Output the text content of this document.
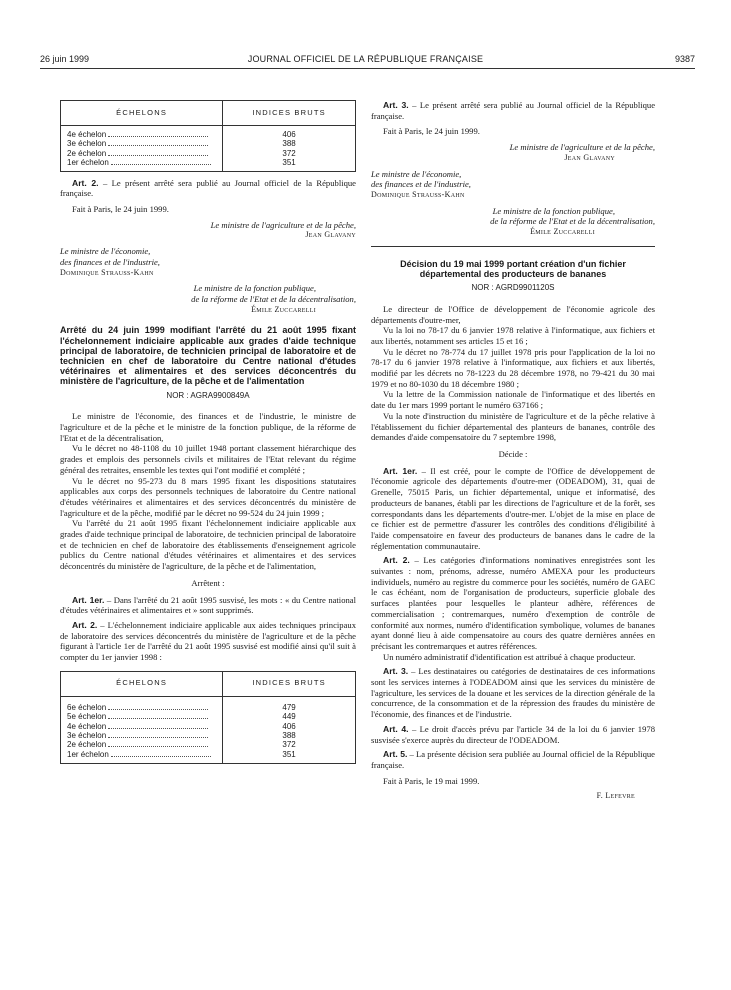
26 juin 1999	JOURNAL OFFICIEL DE LA RÉPUBLIQUE FRANÇAISE	9387
ÉCHELONS	INDICES BRUTS

4e échelon	406
3e échelon	388
2e échelon	372
1er échelon	351

Art. 2. – Le présent arrêté sera publié au Journal officiel de la République française.

Fait à Paris, le 24 juin 1999.

Le ministre de l'agriculture et de la pêche,

Jean Glavany

Le ministre de l'économie,

des finances et de l'industrie,

Dominique Strauss-Kahn

Le ministre de la fonction publique,

de la réforme de l'Etat et de la décentralisation,

Émile Zuccarelli

Arrêté du 24 juin 1999 modifiant l'arrêté du 21 août 1995 fixant l'échelonnement indiciaire applicable aux grades d'aide technique principal de laboratoire, de technicien principal de laboratoire et de technicien en chef de laboratoire du Centre national d'études vétérinaires et alimentaires et des services déconcentrés du ministère de l'agriculture, de la pêche et de l'alimentation

NOR : AGRA9900849A

Le ministre de l'économie, des finances et de l'industrie, le ministre de l'agriculture et de la pêche et le ministre de la fonction publique, de la réforme de l'Etat et de la décentralisation,

Vu le décret no 48-1108 du 10 juillet 1948 portant classement hiérarchique des grades et emplois des personnels civils et militaires de l'Etat relevant du régime général des retraites, ensemble les textes qui l'ont modifié et complété ;

Vu le décret no 95-273 du 8 mars 1995 fixant les dispositions statutaires applicables aux corps des personnels techniques de laboratoire du Centre national d'études vétérinaires et alimentaires et des services déconcentrés du ministère de l'agriculture et de la pêche, modifié par le décret no 99-524 du 24 juin 1999 ;

Vu l'arrêté du 21 août 1995 fixant l'échelonnement indiciaire applicable aux grades d'aide technique principal de laboratoire, de technicien principal de laboratoire et de technicien en chef de laboratoire des établissements d'enseignement agricole publics du Centre national d'études vétérinaires et alimentaires et des services déconcentrés du ministère de l'agriculture, de la pêche et de l'alimentation,

Arrêtent :

Art. 1er. – Dans l'arrêté du 21 août 1995 susvisé, les mots : « du Centre national d'études vétérinaires et alimentaires et » sont supprimés.

Art. 2. – L'échelonnement indiciaire applicable aux aides techniques principaux de laboratoire des services déconcentrés du ministère de l'agriculture et de la pêche figurant à l'article 1er de l'arrêté du 21 août 1995 susvisé est modifié ainsi qu'il suit à compter du 1er janvier 1998 :

ÉCHELONS	INDICES BRUTS

6e échelon	479
5e échelon	449
4e échelon	406
3e échelon	388
2e échelon	372
1er échelon	351

Art. 3. – Le présent arrêté sera publié au Journal officiel de la République française.

Fait à Paris, le 24 juin 1999.

Le ministre de l'agriculture et de la pêche,

Jean Glavany

Le ministre de l'économie,

des finances et de l'industrie,

Dominique Strauss-Kahn

Le ministre de la fonction publique,

de la réforme de l'Etat et de la décentralisation,

Émile Zuccarelli

Décision du 19 mai 1999 portant création d'un fichier départemental des producteurs de bananes

NOR : AGRD9901120S

Le directeur de l'Office de développement de l'économie agricole des départements d'outre-mer,

Vu la loi no 78-17 du 6 janvier 1978 relative à l'informatique, aux fichiers et aux libertés, notamment ses articles 15 et 16 ;

Vu le décret no 78-774 du 17 juillet 1978 pris pour l'application de la loi no 78-17 du 6 janvier 1978 relative à l'informatique, aux fichiers et aux libertés, modifié par les décrets no 78-1223 du 28 décembre 1978, no 79-421 du 30 mai 1979 et no 80-1030 du 18 décembre 1980 ;

Vu la lettre de la Commission nationale de l'informatique et des libertés en date du 1er mars 1999 portant le numéro 637166 ;

Vu la note d'instruction du ministère de l'agriculture et de la pêche relative à l'établissement du fichier départemental des planteurs de bananes, contrôle des demandes d'aide compensatoire du 7 septembre 1998,

Décide :

Art. 1er. – Il est créé, pour le compte de l'Office de développement de l'économie agricole des départements d'outre-mer (ODEADOM), 31, quai de Grenelle, 75015 Paris, un fichier départemental, unique et informatisé, des producteurs de bananes, établi par les directions de l'agriculture et de la forêt, ses correspondants dans les départements d'outre-mer. L'objet de la mise en place de ce fichier est de permettre d'assurer les contrôles des conditions d'éligibilité à l'aide compensatoire en faveur des producteurs de bananes dans le cadre de la réglementation communautaire.

Art. 2. – Les catégories d'informations nominatives enregistrées sont les suivantes : nom, prénoms, adresse, numéro AMEXA pour les producteurs individuels, numéro au registre du commerce pour les sociétés, numéro de GAEC le cas échéant, nom de l'organisation de producteurs, superficie globale des surfaces plantées pour lesquelles le planteur adhère, références de commercialisation ; contremarques, numéro d'exemption de contrôle de conformité aux normes, numéro d'identification symbolique, volumes de bananes ayant donné lieu à aide compensatoire au cours des quatre dernières années en précisant les contremarques et autres références.

Un numéro administratif d'identification est attribué à chaque producteur.

Art. 3. – Les destinataires ou catégories de destinataires de ces informations sont les services internes à l'ODEADOM ainsi que les services du ministère de l'agriculture, les services de la douane et les services de la direction générale de la concurrence, de la consommation et de la répression des fraudes du ministère de l'économie, des finances et de l'industrie.

Art. 4. – Le droit d'accès prévu par l'article 34 de la loi du 6 janvier 1978 susvisée s'exerce auprès du directeur de l'ODEADOM.

Art. 5. – La présente décision sera publiée au Journal officiel de la République française.

Fait à Paris, le 19 mai 1999.

F. Lefevre
